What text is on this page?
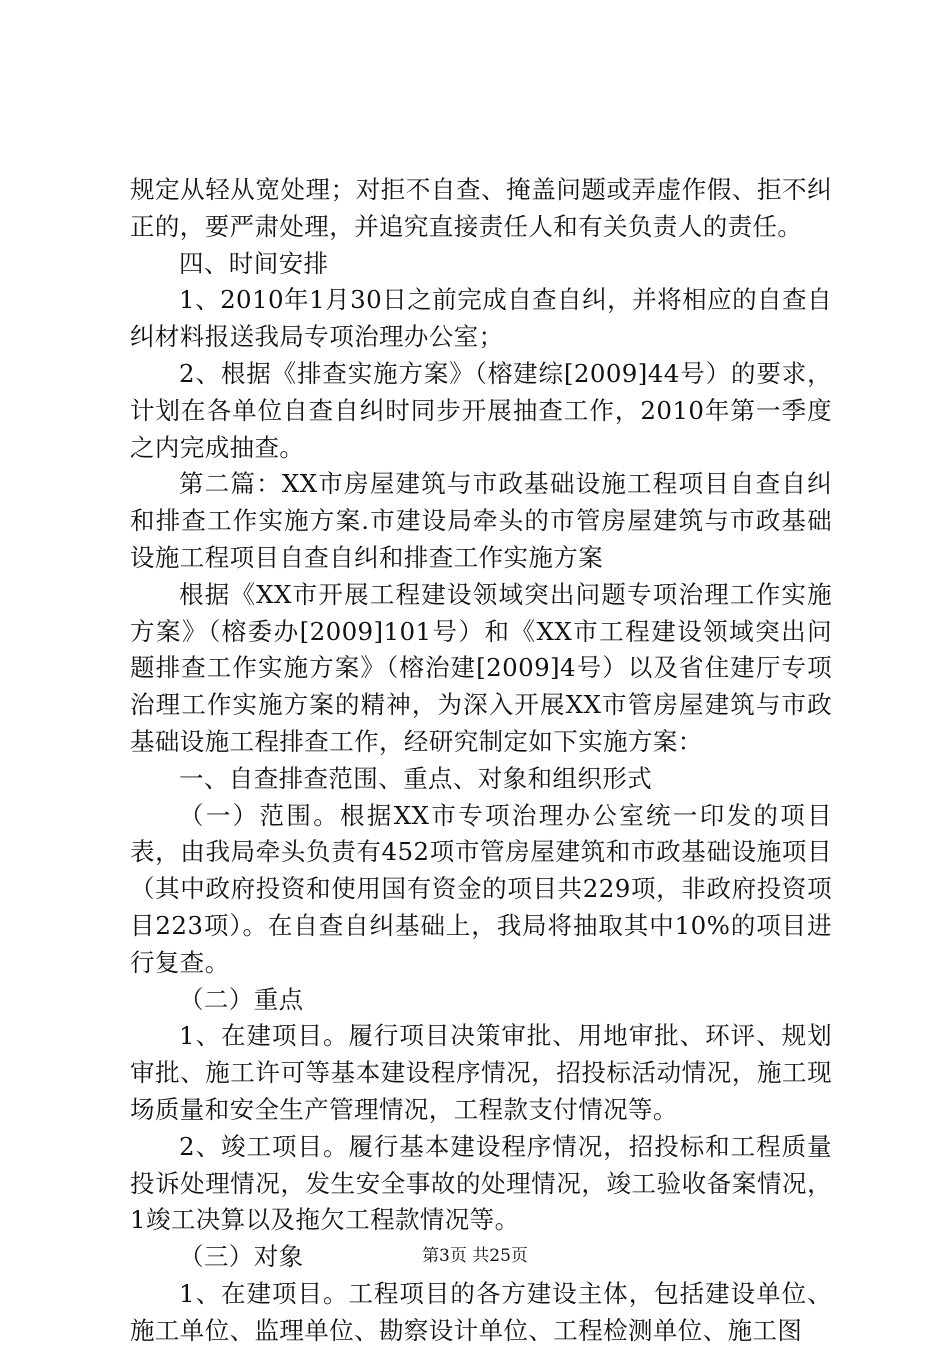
规定从轻从宽处理；对拒不自查、掩盖问题或弄虚作假、拒不纠正的，要严肃处理，并追究直接责任人和有关负责人的责任。

四、时间安排

1、2010年1月30日之前完成自查自纠，并将相应的自查自纠材料报送我局专项治理办公室；

2、根据《排查实施方案》（榕建综[2009]44号）的要求，计划在各单位自查自纠时同步开展抽查工作，2010年第一季度之内完成抽查。

第二篇：XX市房屋建筑与市政基础设施工程项目自查自纠和排查工作实施方案.市建设局牵头的市管房屋建筑与市政基础设施工程项目自查自纠和排查工作实施方案

根据《XX市开展工程建设领域突出问题专项治理工作实施方案》（榕委办[2009]101号）和《XX市工程建设领域突出问题排查工作实施方案》（榕治建[2009]4号）以及省住建厅专项治理工作实施方案的精神，为深入开展XX市管房屋建筑与市政基础设施工程排查工作，经研究制定如下实施方案：

一、自查排查范围、重点、对象和组织形式

（一）范围。根据XX市专项治理办公室统一印发的项目表，由我局牵头负责有452项市管房屋建筑和市政基础设施项目（其中政府投资和使用国有资金的项目共229项，非政府投资项目223项）。在自查自纠基础上，我局将抽取其中10%的项目进行复查。

（二）重点

1、在建项目。履行项目决策审批、用地审批、环评、规划审批、施工许可等基本建设程序情况，招投标活动情况，施工现场质量和安全生产管理情况，工程款支付情况等。

2、竣工项目。履行基本建设程序情况，招投标和工程质量投诉处理情况，发生安全事故的处理情况，竣工验收备案情况，1竣工决算以及拖欠工程款情况等。

（三）对象

1、在建项目。工程项目的各方建设主体，包括建设单位、施工单位、监理单位、勘察设计单位、工程检测单位、施工图

第3页 共25页
